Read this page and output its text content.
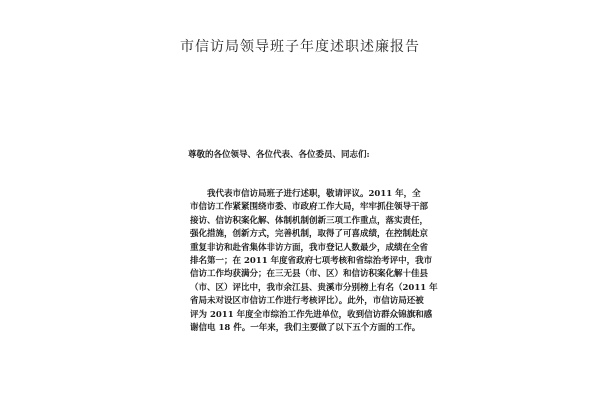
市信访局领导班子年度述职述廉报告
尊敬的各位领导、各位代表、各位委员、同志们:
我代表市信访局班子进行述职，敬请评议。2011 年，全
市信访工作紧紧围绕市委、市政府工作大局，牢牢抓住领导干部
接访、信访积案化解、体制机制创新三项工作重点，落实责任，
强化措施，创新方式，完善机制，取得了可喜成绩，在控制赴京
重复非访和赴省集体非访方面，我市登记人数最少，成绩在全省
排名第一；在 2011 年度省政府七项考核和省综治考评中，我市
信访工作均获满分；在三无县（市、区）和信访积案化解十佳县
（市、区）评比中，我市余江县、贵溪市分别榜上有名（2011 年
省局未对设区市信访工作进行考核评比）。此外，市信访局还被
评为 2011 年度全市综治工作先进单位，收到信访群众锦旗和感
谢信电 18 件。一年来，我们主要做了以下五个方面的工作。
